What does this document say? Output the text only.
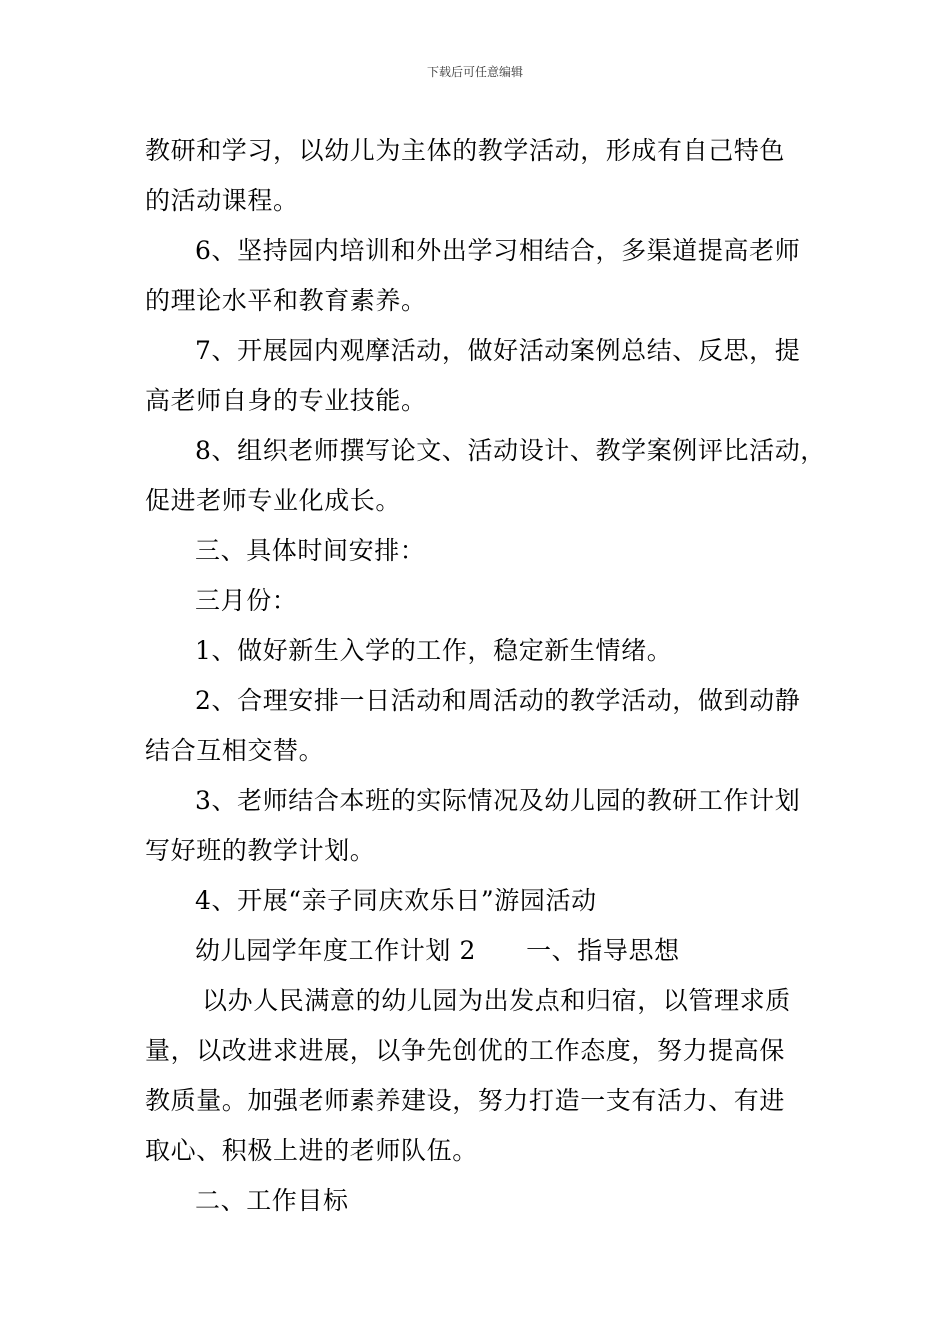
下载后可任意编辑
教研和学习，以幼儿为主体的教学活动，形成有自己特色
的活动课程。
6、坚持园内培训和外出学习相结合，多渠道提高老师
的理论水平和教育素养。
7、开展园内观摩活动，做好活动案例总结、反思，提
高老师自身的专业技能。
8、组织老师撰写论文、活动设计、教学案例评比活动，
促进老师专业化成长。
三、具体时间安排：
三月份：
1、做好新生入学的工作，稳定新生情绪。
2、合理安排一日活动和周活动的教学活动，做到动静
结合互相交替。
3、老师结合本班的实际情况及幼儿园的教研工作计划
写好班的教学计划。
4、开展“亲子同庆欢乐日”游园活动
幼儿园学年度工作计划 2 一、指导思想
以办人民满意的幼儿园为出发点和归宿，以管理求质
量，以改进求进展，以争先创优的工作态度，努力提高保
教质量。加强老师素养建设，努力打造一支有活力、有进
取心、积极上进的老师队伍。
二、工作目标
